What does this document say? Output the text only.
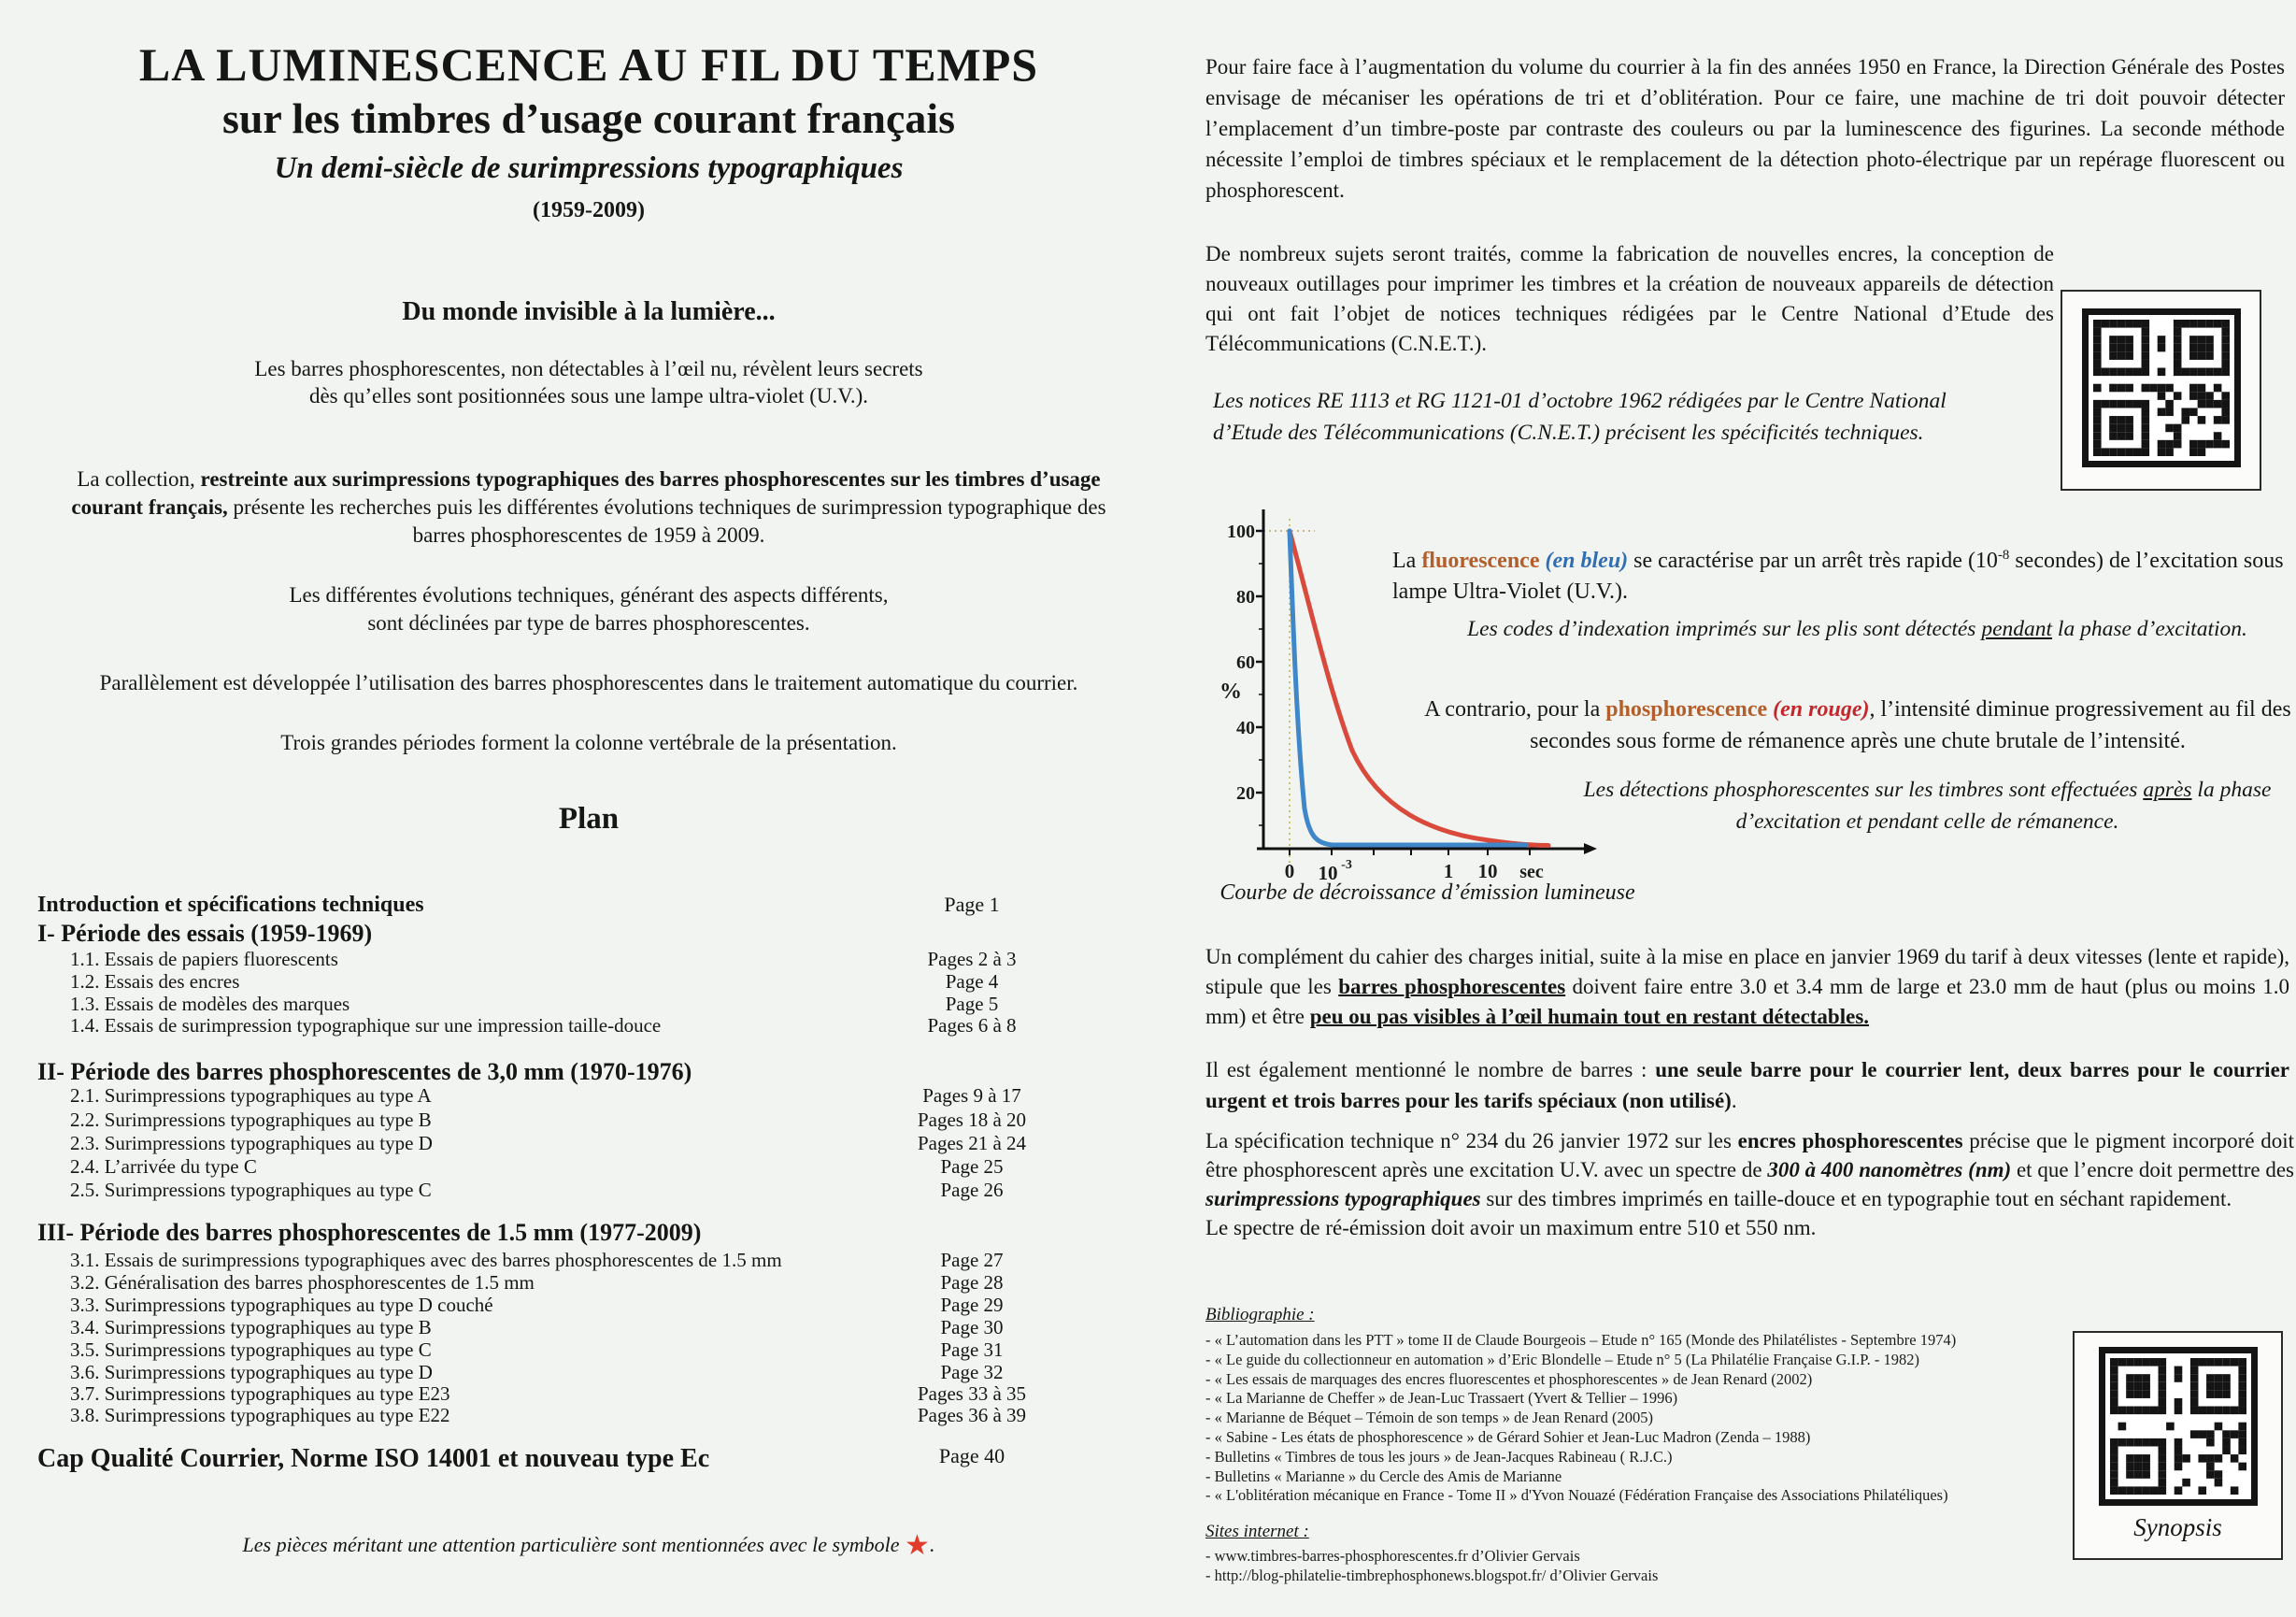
LA LUMINESCENCE AU FIL DU TEMPS
sur les timbres d’usage courant français
Un demi-siècle de surimpressions typographiques
(1959-2009)
Du monde invisible à la lumière...
Les barres phosphorescentes, non détectables à l’œil nu, révèlent leurs secrets
dès qu’elles sont positionnées sous une lampe ultra-violet (U.V.).
La collection, restreinte aux surimpressions typographiques des barres phosphorescentes sur les timbres d’usage courant français, présente les recherches puis les différentes évolutions techniques de surimpression typographique des barres phosphorescentes de 1959 à 2009.
Les différentes évolutions techniques, générant des aspects différents,
sont déclinées par type de barres phosphorescentes.
Parallèlement est développée l’utilisation des barres phosphorescentes dans le traitement automatique du courrier.
Trois grandes périodes forment la colonne vertébrale de la présentation.
Plan
Introduction et spécifications techniques	Page 1
I- Période des essais (1959-1969)
1.1. Essais de papiers fluorescents	Pages 2 à 3
1.2. Essais des encres	Page 4
1.3. Essais de modèles des marques	Page 5
1.4. Essais de surimpression typographique sur une impression taille-douce	Pages 6 à 8
II- Période des barres phosphorescentes de 3,0 mm (1970-1976)
2.1. Surimpressions typographiques au type A	Pages 9 à 17
2.2. Surimpressions typographiques au type B	Pages 18 à 20
2.3. Surimpressions typographiques au type D	Pages 21 à 24
2.4. L’arrivée du type C	Page 25
2.5. Surimpressions typographiques au type C	Page 26
III- Période des barres phosphorescentes de 1.5 mm (1977-2009)
3.1. Essais de surimpressions typographiques avec des barres phosphorescentes de 1.5 mm	Page 27
3.2. Généralisation des barres phosphorescentes de 1.5 mm	Page 28
3.3. Surimpressions typographiques au type D couché	Page 29
3.4. Surimpressions typographiques au type B	Page 30
3.5. Surimpressions typographiques au type C	Page 31
3.6. Surimpressions typographiques au type D	Page 32
3.7. Surimpressions typographiques au type E23	Pages 33 à 35
3.8. Surimpressions typographiques au type E22	Pages 36 à 39
Cap Qualité Courrier, Norme ISO 14001 et nouveau type Ec	Page 40
Les pièces méritant une attention particulière sont mentionnées avec le symbole ★.
Pour faire face à l’augmentation du volume du courrier à la fin des années 1950 en France, la Direction Générale des Postes envisage de mécaniser les opérations de tri et d’oblitération. Pour ce faire, une machine de tri doit pouvoir détecter l’emplacement d’un timbre-poste par contraste des couleurs ou par la luminescence des figurines. La seconde méthode nécessite l’emploi de timbres spéciaux et le remplacement de la détection photo-électrique par un repérage fluorescent ou phosphorescent.
De nombreux sujets seront traités, comme la fabrication de nouvelles encres, la conception de nouveaux outillages pour imprimer les timbres et la création de nouveaux appareils de détection qui ont fait l’objet de notices techniques rédigées par le Centre National d’Etude des Télécommunications (C.N.E.T.).
Les notices RE 1113 et RG 1121-01 d’octobre 1962 rédigées par le Centre National
d’Etude des Télécommunications (C.N.E.T.) précisent les spécificités techniques.
100
80
60
40
20
%
0 10 -3	1 10 sec
Courbe de décroissance d’émission lumineuse
La fluorescence (en bleu) se caractérise par un arrêt très rapide ($10^{-8}$ secondes) de l’excitation sous lampe Ultra-Violet (U.V.).
Les codes d’indexation imprimés sur les plis sont détectés pendant la phase d’excitation.
A contrario, pour la phosphorescence (en rouge), l’intensité diminue progressivement au fil des secondes sous forme de rémanence après une chute brutale de l’intensité.
Les détections phosphorescentes sur les timbres sont effectuées après la phase d’excitation et pendant celle de rémanence.
Un complément du cahier des charges initial, suite à la mise en place en janvier 1969 du tarif à deux vitesses (lente et rapide), stipule que les barres phosphorescentes doivent faire entre 3.0 et 3.4 mm de large et 23.0 mm de haut (plus ou moins 1.0 mm) et être peu ou pas visibles à l’œil humain tout en restant détectables.
Il est également mentionné le nombre de barres : une seule barre pour le courrier lent, deux barres pour le courrier urgent et trois barres pour les tarifs spéciaux (non utilisé).
La spécification technique n° 234 du 26 janvier 1972 sur les encres phosphorescentes précise que le pigment incorporé doit être phosphorescent après une excitation U.V. avec un spectre de 300 à 400 nanomètres (nm) et que l’encre doit permettre des surimpressions typographiques sur des timbres imprimés en taille-douce et en typographie tout en séchant rapidement.
Le spectre de ré-émission doit avoir un maximum entre 510 et 550 nm.
Bibliographie :
- « L’automation dans les PTT » tome II de Claude Bourgeois – Etude n° 165 (Monde des Philatélistes - Septembre 1974)
- « Le guide du collectionneur en automation » d’Eric Blondelle – Etude n° 5 (La Philatélie Française G.I.P. - 1982)
- « Les essais de marquages des encres fluorescentes et phosphorescentes » de Jean Renard (2002)
- « La Marianne de Cheffer » de Jean-Luc Trassaert (Yvert & Tellier – 1996)
- « Marianne de Béquet – Témoin de son temps » de Jean Renard (2005)
- « Sabine - Les états de phosphorescence » de Gérard Sohier et Jean-Luc Madron (Zenda – 1988)
- Bulletins « Timbres de tous les jours » de Jean-Jacques Rabineau ( R.J.C.)
- Bulletins « Marianne » du Cercle des Amis de Marianne
- « L'oblitération mécanique en France - Tome II » d'Yvon Nouazé (Fédération Française des Associations Philatéliques)
Sites internet :
- www.timbres-barres-phosphorescentes.fr d’Olivier Gervais
- http://blog-philatelie-timbrephosphonews.blogspot.fr/ d’Olivier Gervais
Synopsis
